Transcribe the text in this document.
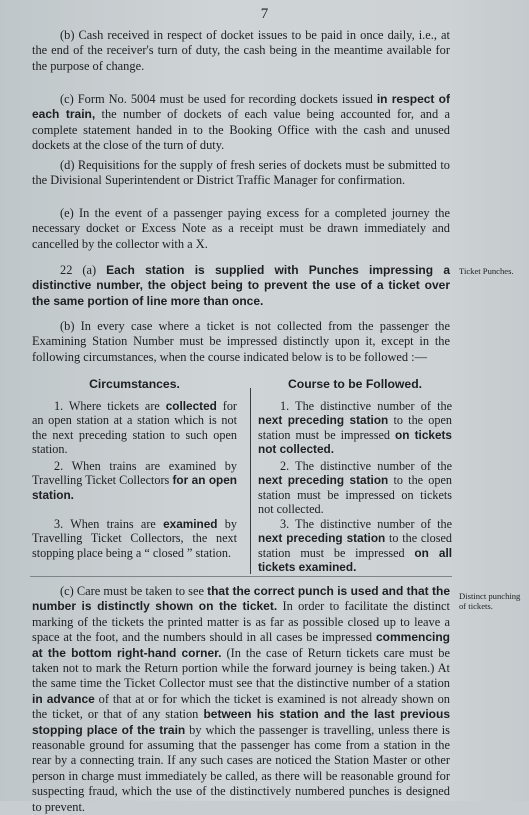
7
(b) Cash received in respect of docket issues to be paid in once daily, i.e., at the end of the receiver's turn of duty, the cash being in the meantime available for the purpose of change.
(c) Form No. 5004 must be used for recording dockets issued in respect of each train, the number of dockets of each value being accounted for, and a complete statement handed in to the Booking Office with the cash and unused dockets at the close of the turn of duty.
(d) Requisitions for the supply of fresh series of dockets must be submitted to the Divisional Superintendent or District Traffic Manager for confirmation.
(e) In the event of a passenger paying excess for a completed journey the necessary docket or Excess Note as a receipt must be drawn immediately and cancelled by the collector with a X.
22 (a) Each station is supplied with Punches impressing a distinctive number, the object being to prevent the use of a ticket over the same portion of line more than once.
Ticket Punches.
(b) In every case where a ticket is not collected from the passenger the Examining Station Number must be impressed distinctly upon it, except in the following circumstances, when the course indicated below is to be followed :—
Circumstances.	Course to be Followed.
1. Where tickets are collected for an open station at a station which is not the next preceding station to such open station.
1. The distinctive number of the next preceding station to the open station must be impressed on tickets not collected.
2. When trains are examined by Travelling Ticket Collectors for an open station.
2. The distinctive number of the next preceding station to the open station must be impressed on tickets not collected.
3. When trains are examined by Travelling Ticket Collectors, the next stopping place being a “ closed ” station.
3. The distinctive number of the next preceding station to the closed station must be impressed on all tickets examined.
(c) Care must be taken to see that the correct punch is used and that the number is distinctly shown on the ticket. In order to facilitate the distinct marking of the tickets the printed matter is as far as possible closed up to leave a space at the foot, and the numbers should in all cases be impressed commencing at the bottom right-hand corner. (In the case of Return tickets care must be taken not to mark the Return portion while the forward journey is being taken.) At the same time the Ticket Collector must see that the distinctive number of a station in advance of that at or for which the ticket is examined is not already shown on the ticket, or that of any station between his station and the last previous stopping place of the train by which the passenger is travelling, unless there is reasonable ground for assuming that the passenger has come from a station in the rear by a connecting train. If any such cases are noticed the Station Master or other person in charge must immediately be called, as there will be reasonable ground for suspecting fraud, which the use of the distinctively numbered punches is designed to prevent.
Distinct punching of tickets.
